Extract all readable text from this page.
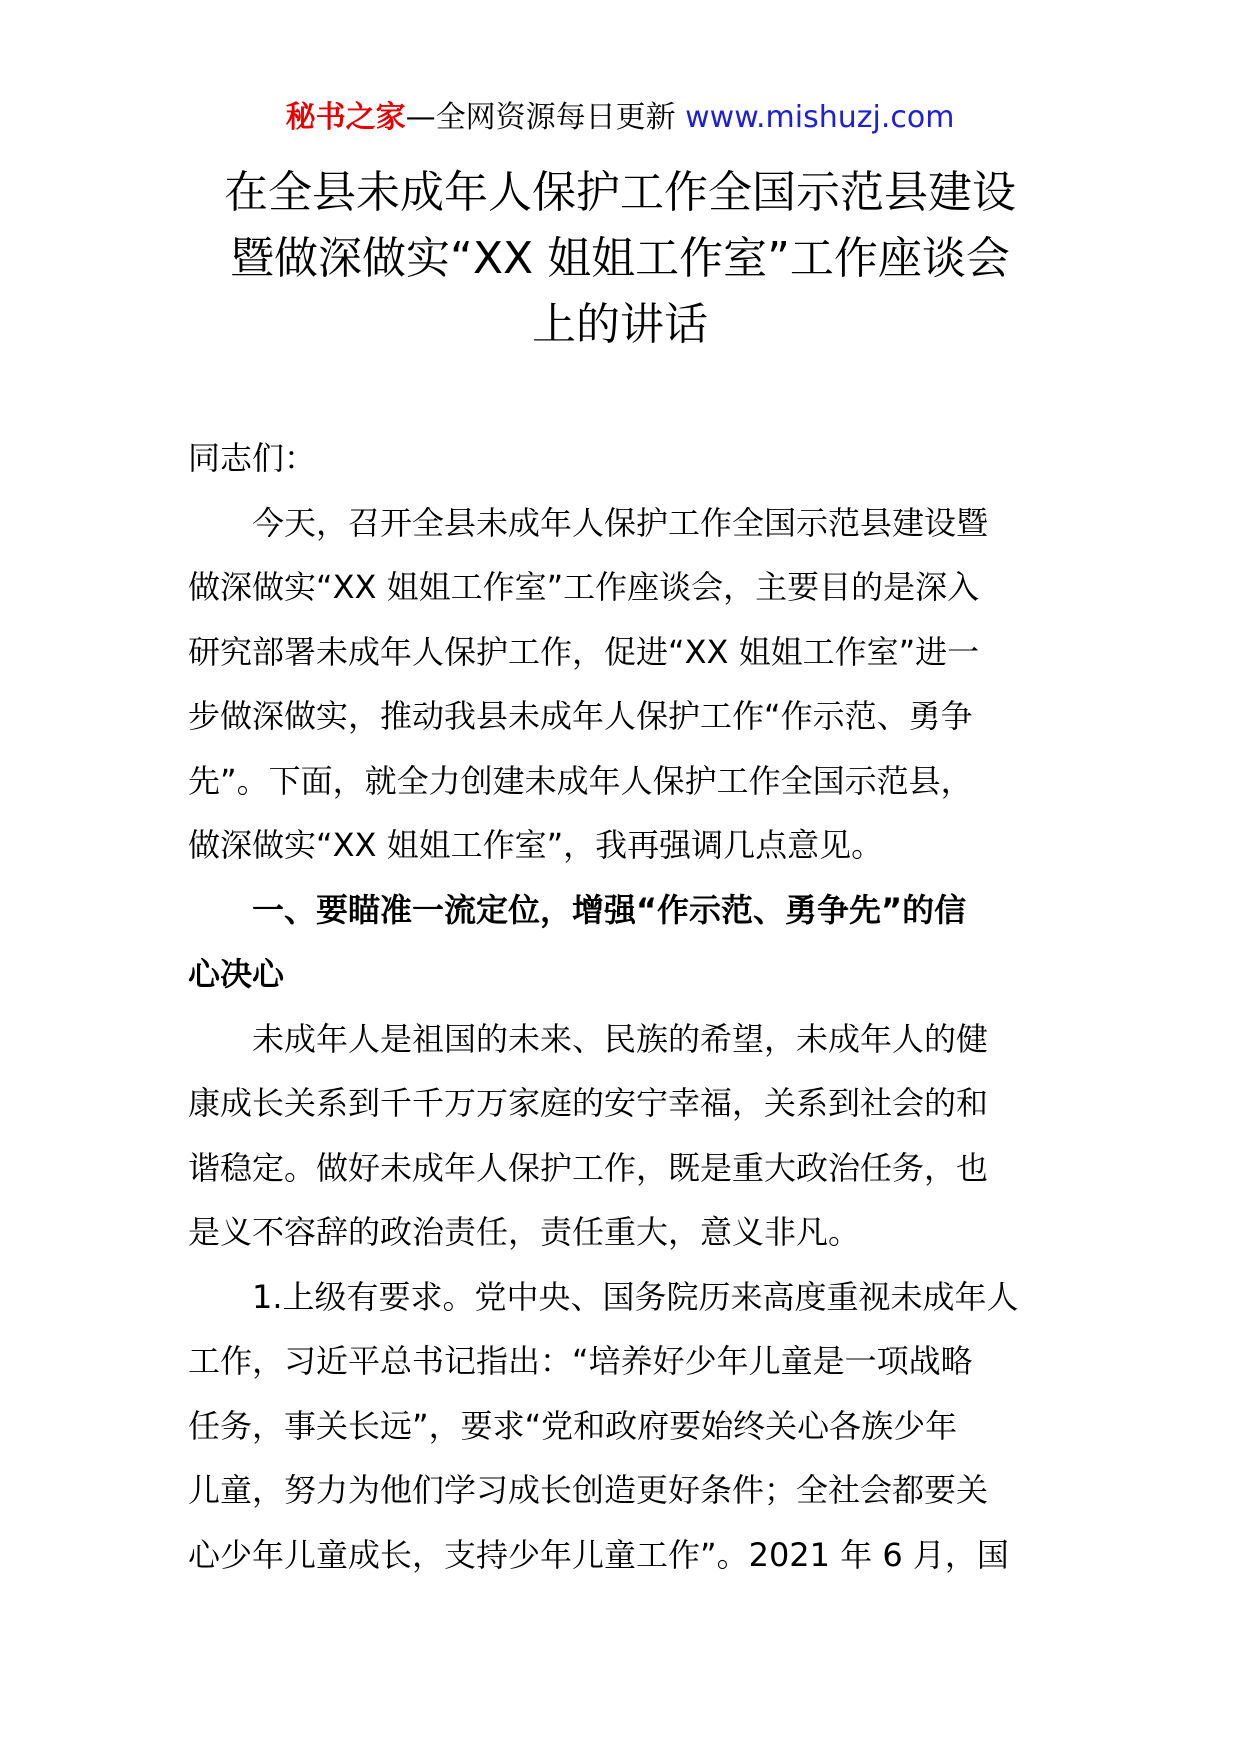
秘书之家—全网资源每日更新 www.mishuzj.com
在全县未成年人保护工作全国示范县建设
暨做深做实“XX 姐姐工作室”工作座谈会
上的讲话
同志们：
今天，召开全县未成年人保护工作全国示范县建设暨
做深做实“XX 姐姐工作室”工作座谈会，主要目的是深入
研究部署未成年人保护工作，促进“XX 姐姐工作室”进一
步做深做实，推动我县未成年人保护工作“作示范、勇争
先”。下面，就全力创建未成年人保护工作全国示范县，
做深做实“XX 姐姐工作室”，我再强调几点意见。
一、要瞄准一流定位，增强“作示范、勇争先”的信
心决心
未成年人是祖国的未来、民族的希望，未成年人的健
康成长关系到千千万万家庭的安宁幸福，关系到社会的和
谐稳定。做好未成年人保护工作，既是重大政治任务，也
是义不容辞的政治责任，责任重大，意义非凡。
1.上级有要求。党中央、国务院历来高度重视未成年人
工作，习近平总书记指出：“培养好少年儿童是一项战略
任务，事关长远”，要求“党和政府要始终关心各族少年
儿童，努力为他们学习成长创造更好条件；全社会都要关
心少年儿童成长，支持少年儿童工作”。2021 年 6 月，国
